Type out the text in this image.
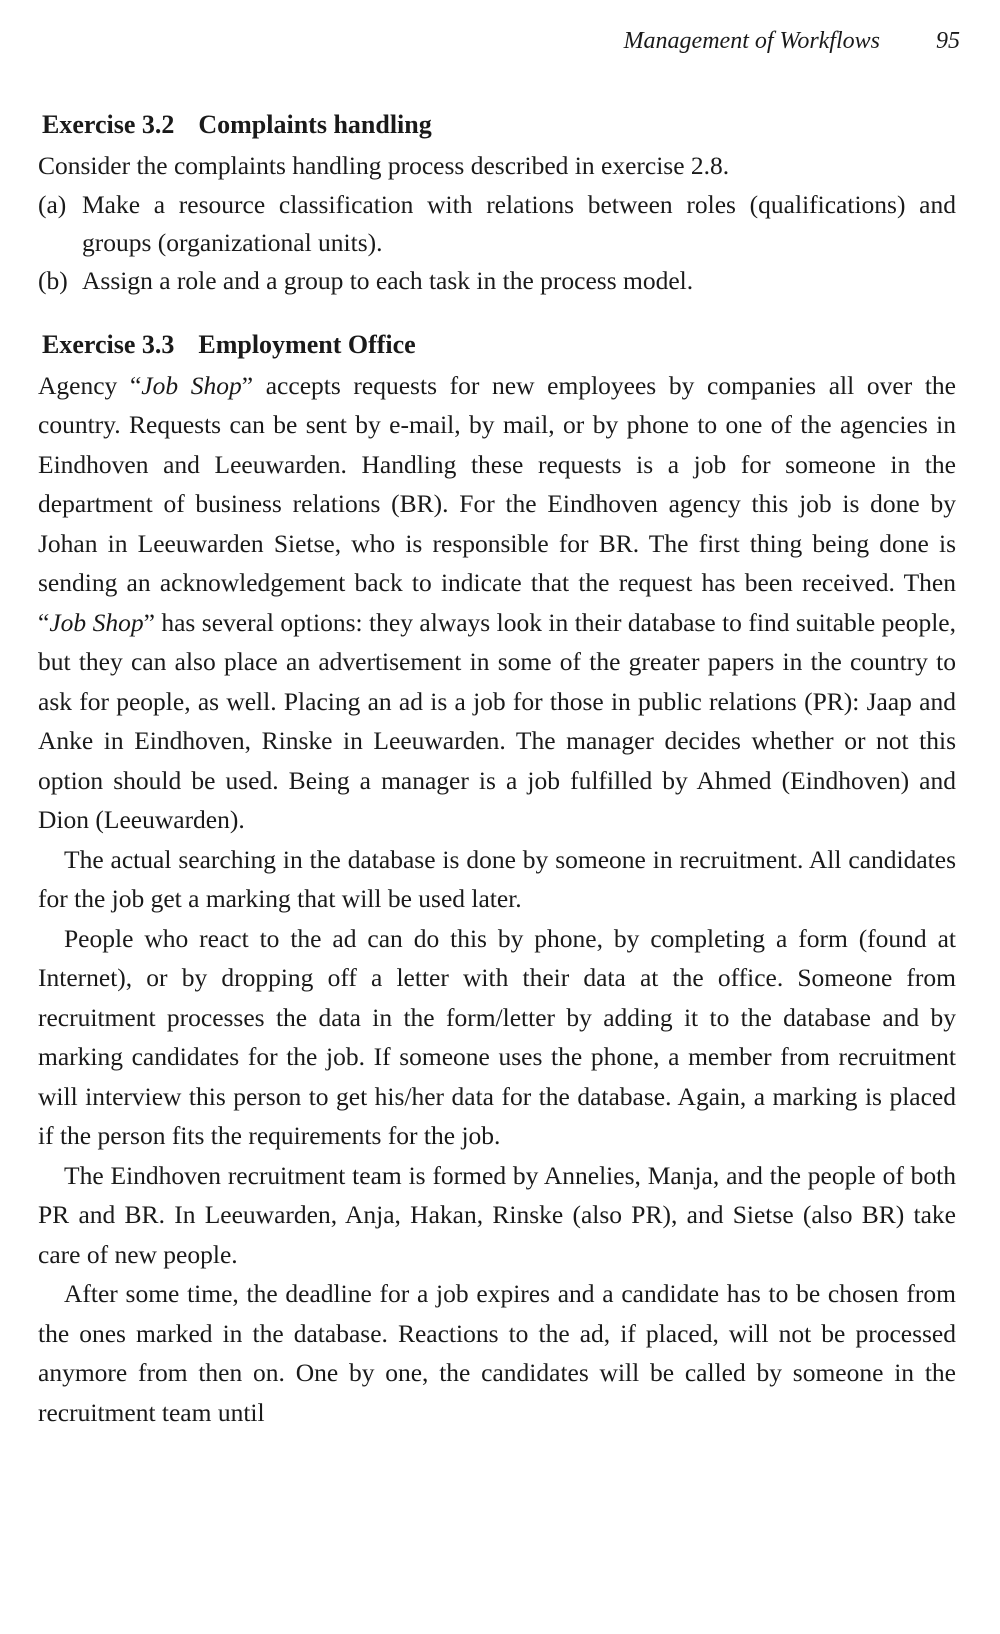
Management of Workflows 95
Exercise 3.2 Complaints handling

Consider the complaints handling process described in exercise 2.8.

(a) Make a resource classification with relations between roles (qualifications) and groups (organizational units).

(b) Assign a role and a group to each task in the process model.

Exercise 3.3 Employment Office

Agency “Job Shop” accepts requests for new employees by companies all over the country. Requests can be sent by e-mail, by mail, or by phone to one of the agencies in Eindhoven and Leeuwarden. Handling these requests is a job for someone in the department of business relations (BR). For the Eindhoven agency this job is done by Johan in Leeuwarden Sietse, who is responsible for BR. The first thing being done is sending an acknowledgement back to indicate that the request has been received. Then “Job Shop” has several options: they always look in their database to find suitable people, but they can also place an advertisement in some of the greater papers in the country to ask for people, as well. Placing an ad is a job for those in public relations (PR): Jaap and Anke in Eindhoven, Rinske in Leeuwarden. The manager decides whether or not this option should be used. Being a manager is a job fulfilled by Ahmed (Eindhoven) and Dion (Leeuwarden).

The actual searching in the database is done by someone in recruitment. All candidates for the job get a marking that will be used later.

People who react to the ad can do this by phone, by completing a form (found at Internet), or by dropping off a letter with their data at the office. Someone from recruitment processes the data in the form/letter by adding it to the database and by marking candidates for the job. If someone uses the phone, a member from recruitment will interview this person to get his/her data for the database. Again, a marking is placed if the person fits the requirements for the job.

The Eindhoven recruitment team is formed by Annelies, Manja, and the people of both PR and BR. In Leeuwarden, Anja, Hakan, Rinske (also PR), and Sietse (also BR) take care of new people.

After some time, the deadline for a job expires and a candidate has to be chosen from the ones marked in the database. Reactions to the ad, if placed, will not be processed anymore from then on. One by one, the candidates will be called by someone in the recruitment team until
